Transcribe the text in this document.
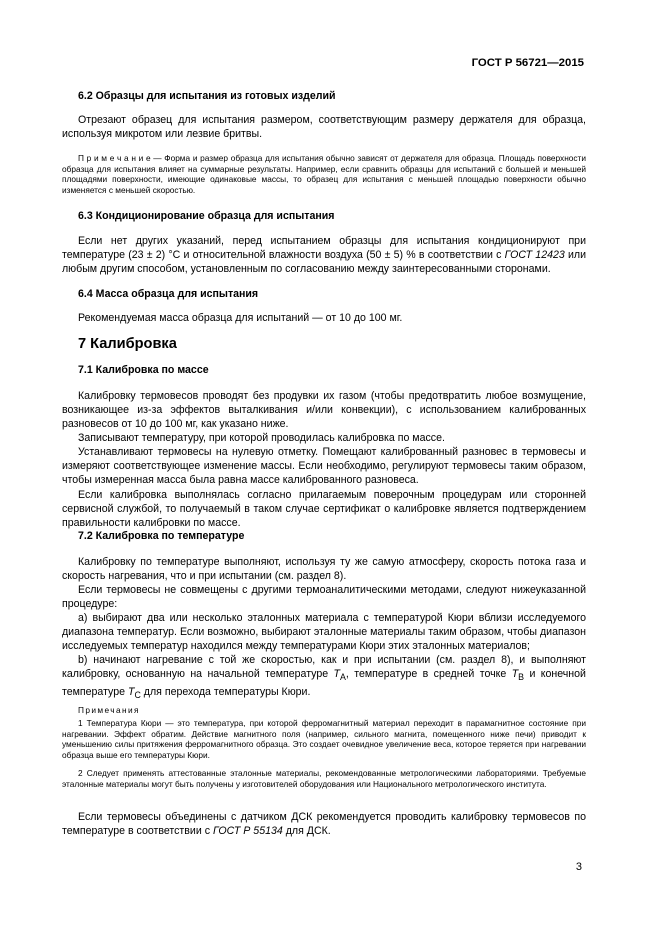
ГОСТ Р 56721—2015
6.2 Образцы для испытания из готовых изделий

Отрезают образец для испытания размером, соответствующим размеру держателя для образца, используя микротом или лезвие бритвы.

П р и м е ч а н и е — Форма и размер образца для испытания обычно зависят от держателя для образца. Площадь поверхности образца для испытания влияет на суммарные результаты. Например, если сравнить образцы для испытаний с большей и меньшей площадями поверхности, имеющие одинаковые массы, то образец для испытания с меньшей площадью поверхности обычно изменяется с меньшей скоростью.

6.3 Кондиционирование образца для испытания

Если нет других указаний, перед испытанием образцы для испытания кондиционируют при температуре (23 ± 2) °С и относительной влажности воздуха (50 ± 5) % в соответствии с ГОСТ 12423 или любым другим способом, установленным по согласованию между заинтересованными сторонами.

6.4 Масса образца для испытания

Рекомендуемая масса образца для испытаний — от 10 до 100 мг.

7 Калибровка
7.1 Калибровка по массе

Калибровку термовесов проводят без продувки их газом (чтобы предотвратить любое возмущение, возникающее из-за эффектов выталкивания и/или конвекции), с использованием калиброванных разновесов от 10 до 100 мг, как указано ниже.

Записывают температуру, при которой проводилась калибровка по массе.

Устанавливают термовесы на нулевую отметку. Помещают калиброванный разновес в термовесы и измеряют соответствующее изменение массы. Если необходимо, регулируют термовесы таким образом, чтобы измеренная масса была равна массе калиброванного разновеса.

Если калибровка выполнялась согласно прилагаемым поверочным процедурам или сторонней сервисной службой, то получаемый в таком случае сертификат о калибровке является подтверждением правильности калибровки по массе.

7.2 Калибровка по температуре

Калибровку по температуре выполняют, используя ту же самую атмосферу, скорость потока газа и скорость нагревания, что и при испытании (см. раздел 8).

Если термовесы не совмещены с другими термоаналитическими методами, следуют нижеуказанной процедуре:

a) выбирают два или несколько эталонных материала с температурой Кюри вблизи исследуемого диапазона температур. Если возможно, выбирают эталонные материалы таким образом, чтобы диапазон исследуемых температур находился между температурами Кюри этих эталонных материалов;

b) начинают нагревание с той же скоростью, как и при испытании (см. раздел 8), и выполняют калибровку, основанную на начальной температуре $T_A$, температуре в средней точке $T_B$ и конечной температуре $T_C$ для перехода температуры Кюри.

Примечания

1 Температура Кюри — это температура, при которой ферромагнитный материал переходит в парамагнитное состояние при нагревании. Эффект обратим. Действие магнитного поля (например, сильного магнита, помещенного ниже печи) приводит к уменьшению силы притяжения ферромагнитного образца. Это создает очевидное увеличение веса, которое теряется при нагревании образца выше его температуры Кюри.

2 Следует применять аттестованные эталонные материалы, рекомендованные метрологическими лабораториями. Требуемые эталонные материалы могут быть получены у изготовителей оборудования или Национального метрологического института.

Если термовесы объединены с датчиком ДСК рекомендуется проводить калибровку термовесов по температуре в соответствии с ГОСТ Р 55134 для ДСК.

3
